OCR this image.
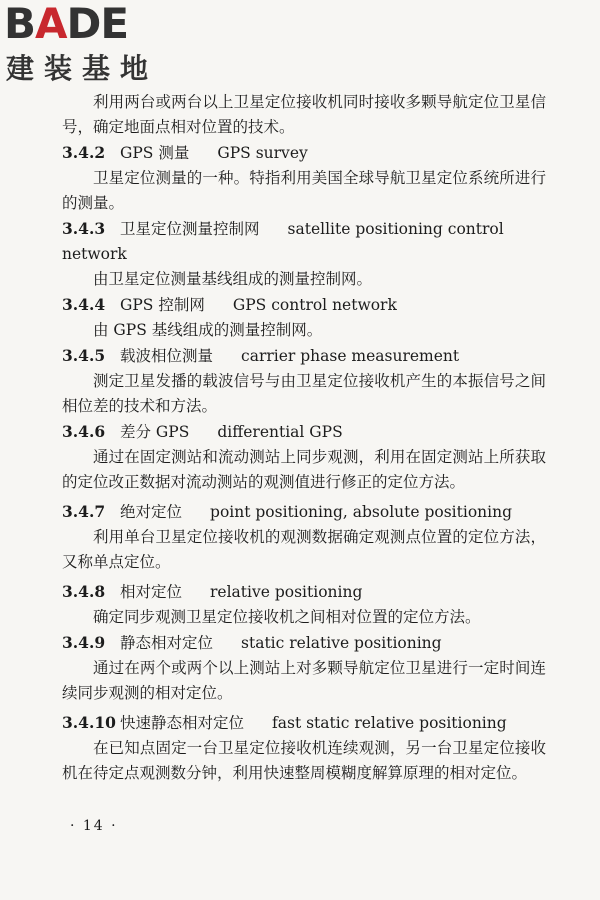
BADE
建装基地

利用两台或两台以上卫星定位接收机同时接收多颗导航定位卫星信号，确定地面点相对位置的技术。

3.4.2 GPS 测量 GPS survey

卫星定位测量的一种。特指利用美国全球导航卫星定位系统所进行的测量。

3.4.3 卫星定位测量控制网 satellite positioning control network

由卫星定位测量基线组成的测量控制网。

3.4.4 GPS 控制网 GPS control network

由 GPS 基线组成的测量控制网。

3.4.5 载波相位测量 carrier phase measurement

测定卫星发播的载波信号与由卫星定位接收机产生的本振信号之间相位差的技术和方法。

3.4.6 差分 GPS differential GPS

通过在固定测站和流动测站上同步观测，利用在固定测站上所获取的定位改正数据对流动测站的观测值进行修正的定位方法。

3.4.7 绝对定位 point positioning, absolute positioning

利用单台卫星定位接收机的观测数据确定观测点位置的定位方法，又称单点定位。

3.4.8 相对定位 relative positioning

确定同步观测卫星定位接收机之间相对位置的定位方法。

3.4.9 静态相对定位 static relative positioning

通过在两个或两个以上测站上对多颗导航定位卫星进行一定时间连续同步观测的相对定位。

3.4.10 快速静态相对定位 fast static relative positioning

在已知点固定一台卫星定位接收机连续观测，另一台卫星定位接收机在待定点观测数分钟，利用快速整周模糊度解算原理的相对定位。

· 14 ·
